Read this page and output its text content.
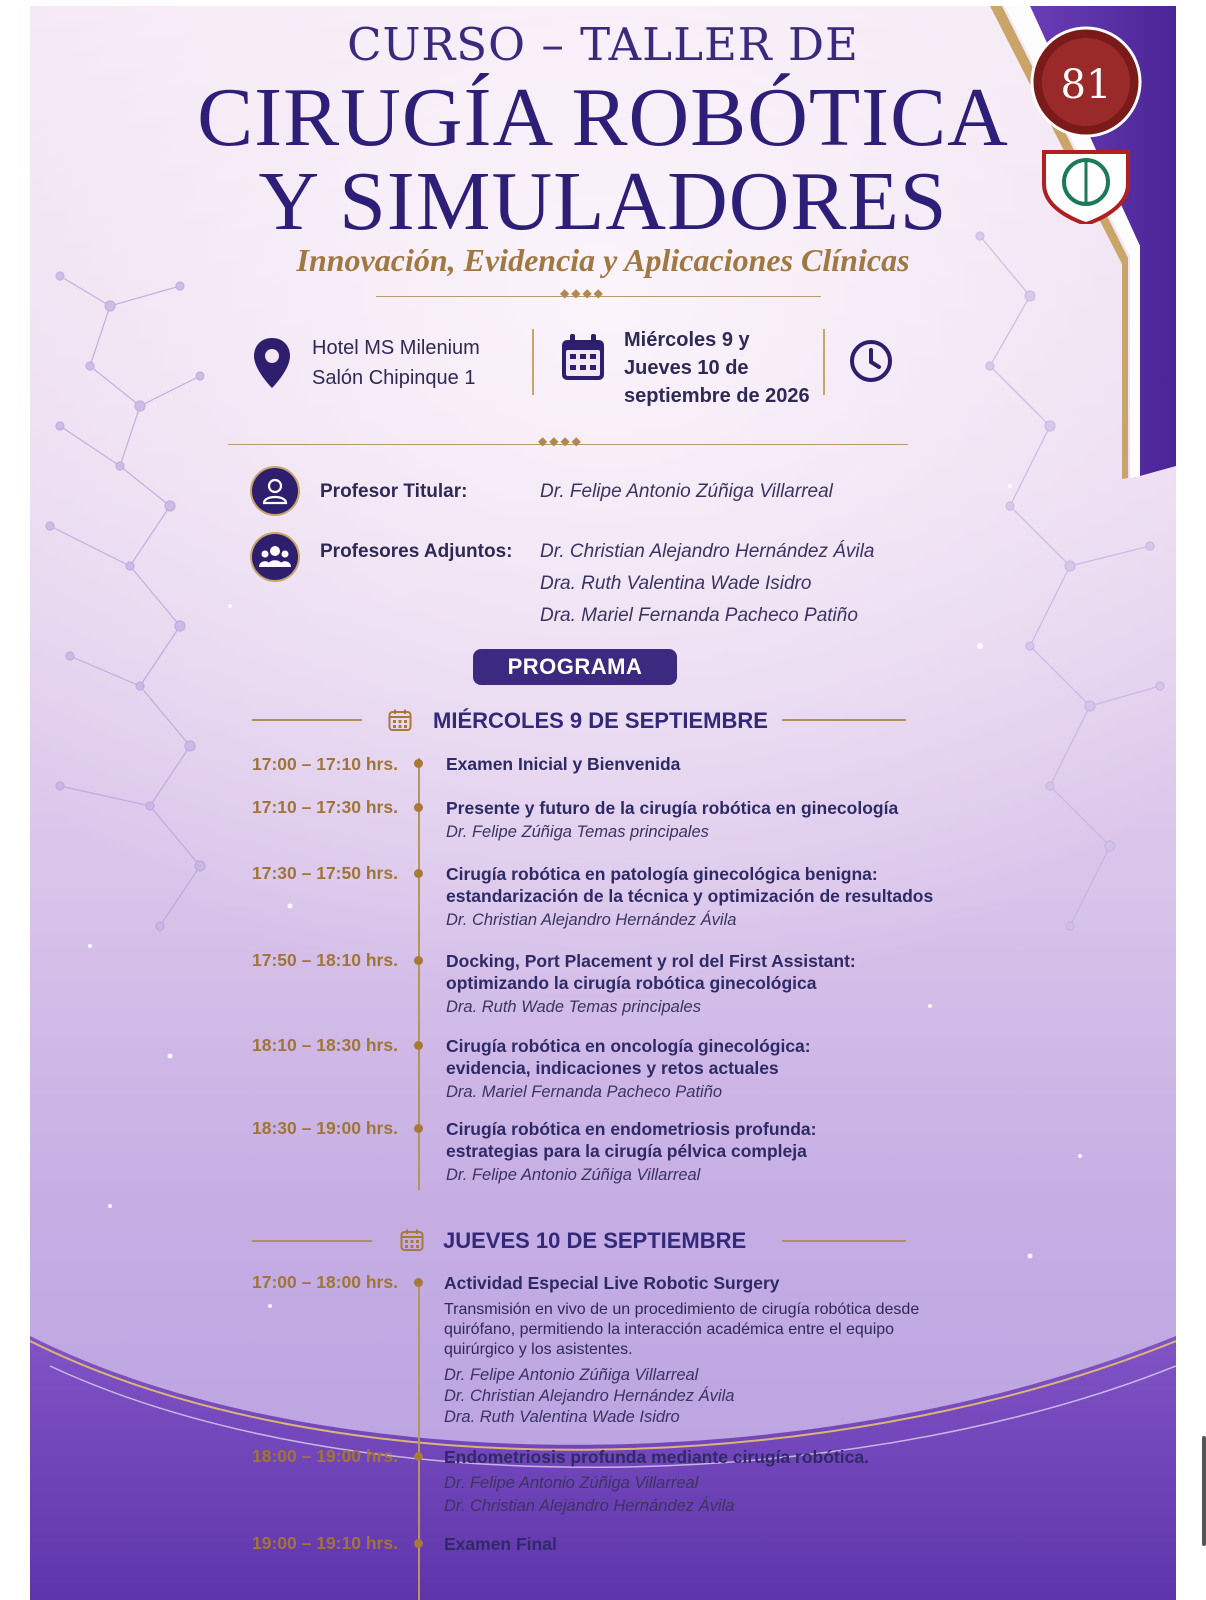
81
CURSO – TALLER DE
CIRUGÍA ROBÓTICA
Y SIMULADORES
Innovación, Evidencia y Aplicaciones Clínicas
◆◆◆◆
Hotel MS Milenium
Salón Chipinque 1
Miércoles 9 y
Jueves 10 de
septiembre de 2026
◆◆◆◆
Profesor Titular:	Dr. Felipe Antonio Zúñiga Villarreal
Profesores Adjuntos: Dr. Christian Alejandro Hernández Ávila
Dra. Ruth Valentina Wade Isidro
Dra. Mariel Fernanda Pacheco Patiño
PROGRAMA
MIÉRCOLES 9 DE SEPTIEMBRE
17:00 – 17:10 hrs.	Examen Inicial y Bienvenida
17:10 – 17:30 hrs.	Presente y futuro de la cirugía robótica en ginecología
Dr. Felipe Zúñiga Temas principales
17:30 – 17:50 hrs.	Cirugía robótica en patología ginecológica benigna:
estandarización de la técnica y optimización de resultados
Dr. Christian Alejandro Hernández Ávila
17:50 – 18:10 hrs.	Docking, Port Placement y rol del First Assistant:
optimizando la cirugía robótica ginecológica
Dra. Ruth Wade Temas principales
18:10 – 18:30 hrs.	Cirugía robótica en oncología ginecológica:
evidencia, indicaciones y retos actuales
Dra. Mariel Fernanda Pacheco Patiño
18:30 – 19:00 hrs.	Cirugía robótica en endometriosis profunda:
estrategias para la cirugía pélvica compleja
Dr. Felipe Antonio Zúñiga Villarreal
JUEVES 10 DE SEPTIEMBRE
17:00 – 18:00 hrs.	Actividad Especial Live Robotic Surgery
Transmisión en vivo de un procedimiento de cirugía robótica desde
quirófano, permitiendo la interacción académica entre el equipo
quirúrgico y los asistentes.
Dr. Felipe Antonio Zúñiga Villarreal
Dr. Christian Alejandro Hernández Ávila
Dra. Ruth Valentina Wade Isidro
18:00 – 19:00 hrs.	Endometriosis profunda mediante cirugía robótica.
Dr. Felipe Antonio Zúñiga Villarreal
Dr. Christian Alejandro Hernández Ávila
19:00 – 19:10 hrs.	Examen Final
